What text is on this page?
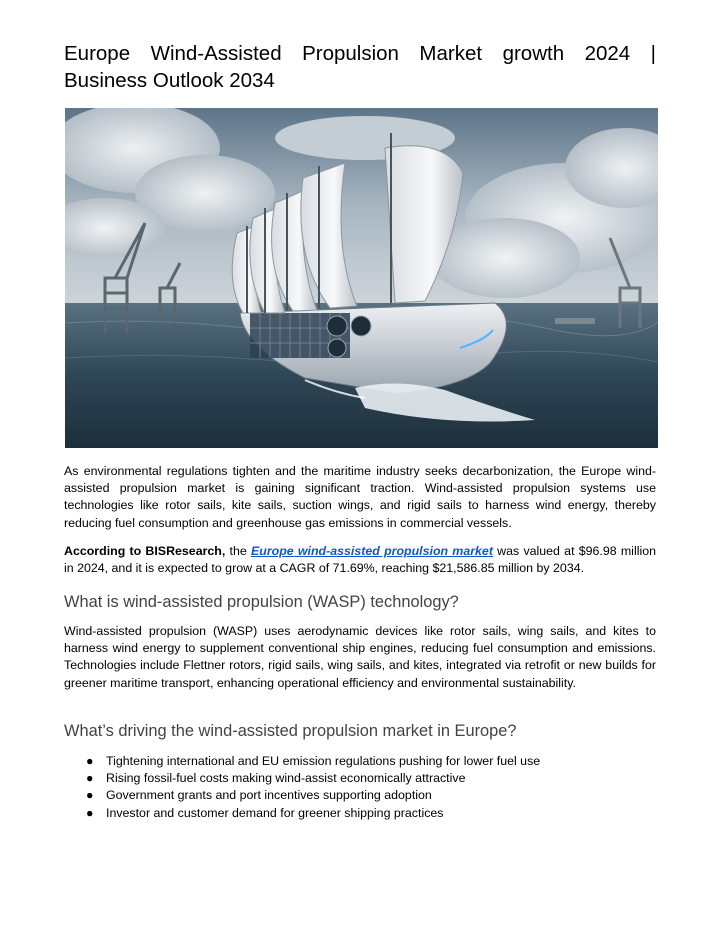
Europe Wind-Assisted Propulsion Market growth 2024 | Business Outlook 2034

As environmental regulations tighten and the maritime industry seeks decarbonization, the Europe wind-assisted propulsion market is gaining significant traction. Wind-assisted propulsion systems use technologies like rotor sails, kite sails, suction wings, and rigid sails to harness wind energy, thereby reducing fuel consumption and greenhouse gas emissions in commercial vessels.

According to BISResearch, the Europe wind-assisted propulsion market was valued at $96.98 million in 2024, and it is expected to grow at a CAGR of 71.69%, reaching $21,586.85 million by 2034.

What is wind-assisted propulsion (WASP) technology?

Wind-assisted propulsion (WASP) uses aerodynamic devices like rotor sails, wing sails, and kites to harness wind energy to supplement conventional ship engines, reducing fuel consumption and emissions. Technologies include Flettner rotors, rigid sails, wing sails, and kites, integrated via retrofit or new builds for greener maritime transport, enhancing operational efficiency and environmental sustainability.

What’s driving the wind-assisted propulsion market in Europe?
● Tightening international and EU emission regulations pushing for lower fuel use
● Rising fossil-fuel costs making wind-assist economically attractive
● Government grants and port incentives supporting adoption
● Investor and customer demand for greener shipping practices
